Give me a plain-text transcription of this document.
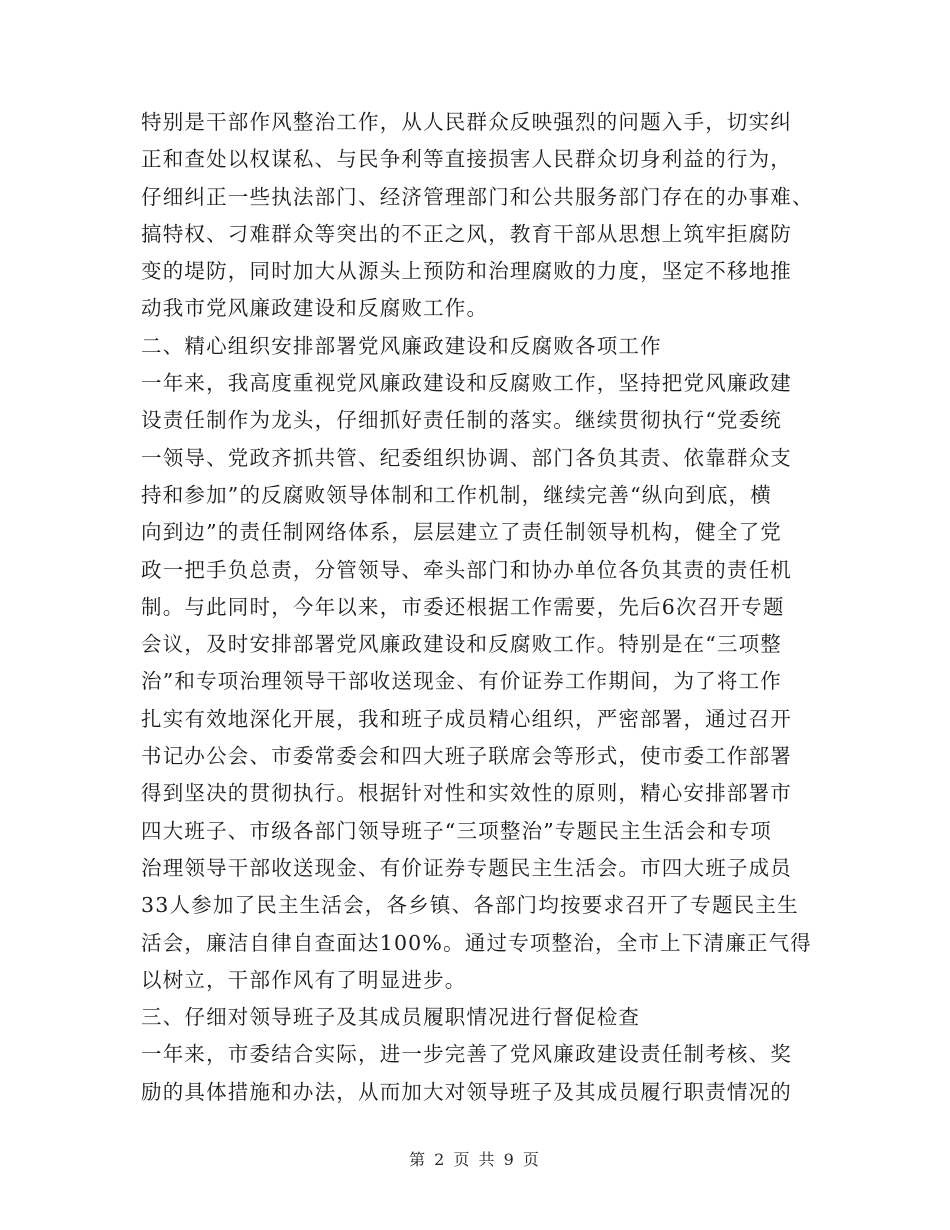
特别是干部作风整治工作，从人民群众反映强烈的问题入手，切实纠
正和查处以权谋私、与民争利等直接损害人民群众切身利益的行为，
仔细纠正一些执法部门、经济管理部门和公共服务部门存在的办事难、
搞特权、刁难群众等突出的不正之风，教育干部从思想上筑牢拒腐防
变的堤防，同时加大从源头上预防和治理腐败的力度，坚定不移地推
动我市党风廉政建设和反腐败工作。
二、精心组织安排部署党风廉政建设和反腐败各项工作
一年来，我高度重视党风廉政建设和反腐败工作，坚持把党风廉政建
设责任制作为龙头，仔细抓好责任制的落实。继续贯彻执行“党委统
一领导、党政齐抓共管、纪委组织协调、部门各负其责、依靠群众支
持和参加”的反腐败领导体制和工作机制，继续完善“纵向到底，横
向到边”的责任制网络体系，层层建立了责任制领导机构，健全了党
政一把手负总责，分管领导、牵头部门和协办单位各负其责的责任机
制。与此同时，今年以来，市委还根据工作需要，先后6次召开专题
会议，及时安排部署党风廉政建设和反腐败工作。特别是在“三项整
治”和专项治理领导干部收送现金、有价证券工作期间，为了将工作
扎实有效地深化开展，我和班子成员精心组织，严密部署，通过召开
书记办公会、市委常委会和四大班子联席会等形式，使市委工作部署
得到坚决的贯彻执行。根据针对性和实效性的原则，精心安排部署市
四大班子、市级各部门领导班子“三项整治”专题民主生活会和专项
治理领导干部收送现金、有价证券专题民主生活会。市四大班子成员
33人参加了民主生活会，各乡镇、各部门均按要求召开了专题民主生
活会，廉洁自律自查面达100%。通过专项整治，全市上下清廉正气得
以树立，干部作风有了明显进步。
三、仔细对领导班子及其成员履职情况进行督促检查
一年来，市委结合实际，进一步完善了党风廉政建设责任制考核、奖
励的具体措施和办法，从而加大对领导班子及其成员履行职责情况的
第 2 页 共 9 页
